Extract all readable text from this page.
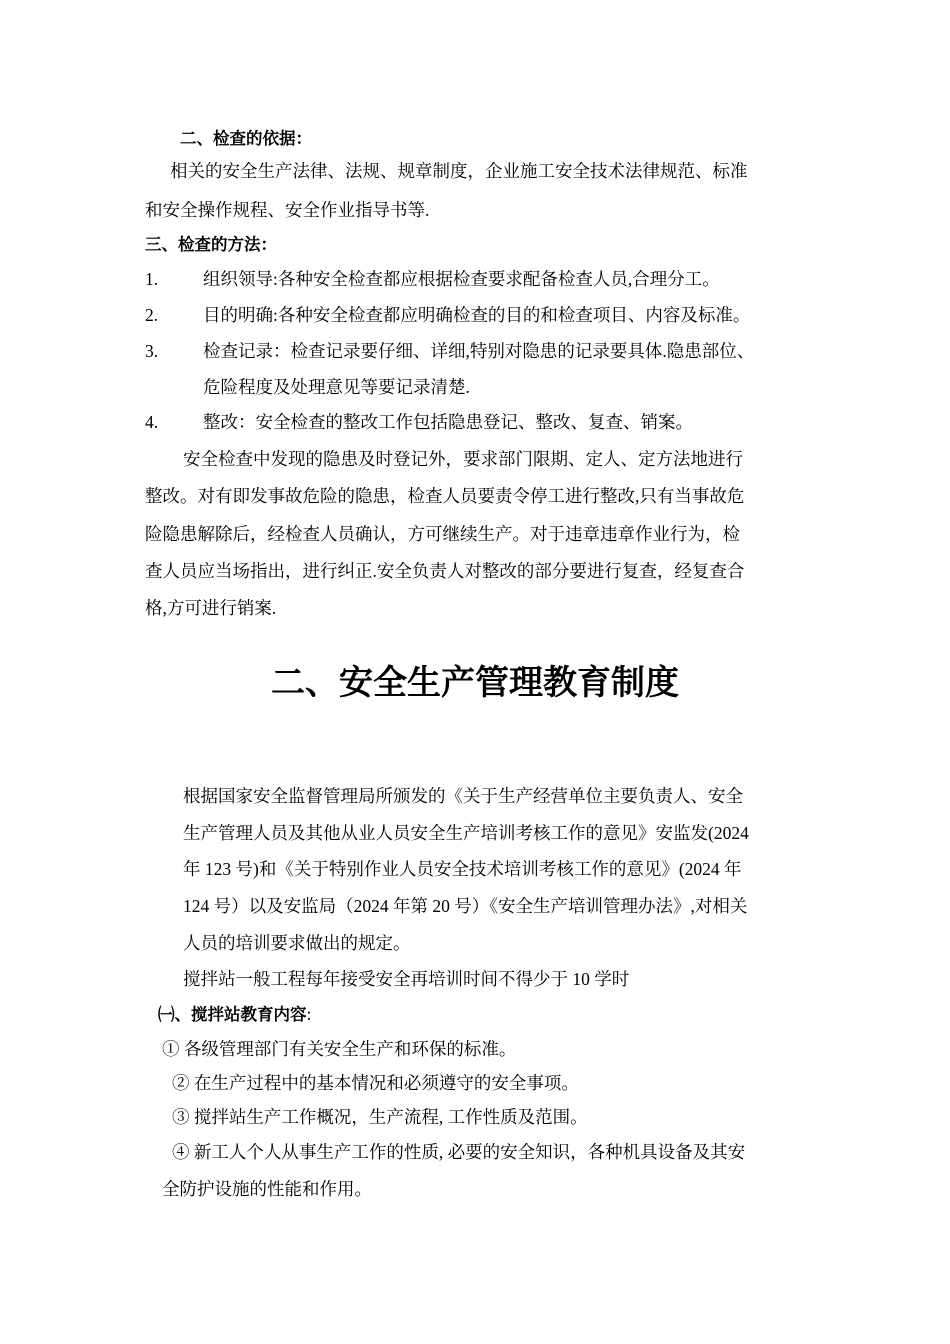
二、检查的依据：
相关的安全生产法律、法规、规章制度，企业施工安全技术法律规范、标准
和安全操作规程、安全作业指导书等.
三、检查的方法：
1.	组织领导:各种安全检查都应根据检查要求配备检查人员,合理分工。
2.	目的明确:各种安全检查都应明确检查的目的和检查项目、内容及标准。
3.	检查记录：检查记录要仔细、详细,特别对隐患的记录要具体.隐患部位、
危险程度及处理意见等要记录清楚.
4.	整改：安全检查的整改工作包括隐患登记、整改、复查、销案。
安全检查中发现的隐患及时登记外，要求部门限期、定人、定方法地进行
整改。对有即发事故危险的隐患，检查人员要责令停工进行整改,只有当事故危
险隐患解除后，经检查人员确认，方可继续生产。对于违章违章作业行为，检
查人员应当场指出，进行纠正.安全负责人对整改的部分要进行复查，经复查合
格,方可进行销案.
二、安全生产管理教育制度
根据国家安全监督管理局所颁发的《关于生产经营单位主要负责人、安全
生产管理人员及其他从业人员安全生产培训考核工作的意见》安监发(2024
年 123 号)和《关于特别作业人员安全技术培训考核工作的意见》(2024 年
124 号）以及安监局（2024 年第 20 号）《安全生产培训管理办法》,对相关
人员的培训要求做出的规定。
搅拌站一般工程每年接受安全再培训时间不得少于 10 学时
㈠、搅拌站教育内容:
① 各级管理部门有关安全生产和环保的标准。
② 在生产过程中的基本情况和必须遵守的安全事项。
③ 搅拌站生产工作概况，生产流程, 工作性质及范围。
④ 新工人个人从事生产工作的性质, 必要的安全知识，各种机具设备及其安
全防护设施的性能和作用。
